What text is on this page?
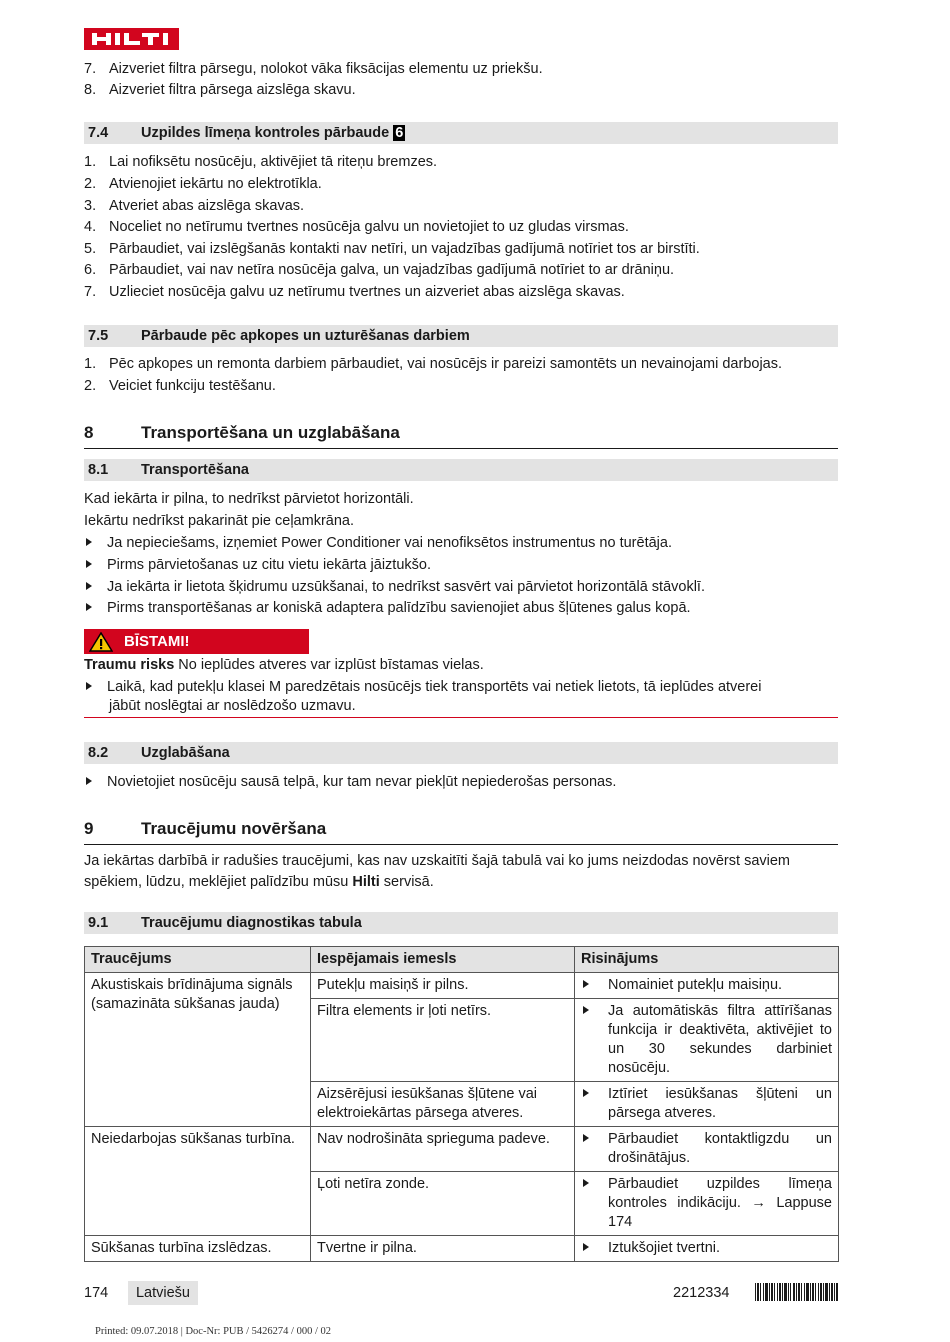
7. Aizveriet filtra pārsegu, nolokot vāka fiksācijas elementu uz priekšu.
8. Aizveriet filtra pārsega aizslēga skavu.
7.4 Uzpildes līmeņa kontroles pārbaude 6
1. Lai nofiksētu nosūcēju, aktivējiet tā riteņu bremzes.
2. Atvienojiet iekārtu no elektrotīkla.
3. Atveriet abas aizslēga skavas.
4. Noceliet no netīrumu tvertnes nosūcēja galvu un novietojiet to uz gludas virsmas.
5. Pārbaudiet, vai izslēgšanās kontakti nav netīri, un vajadzības gadījumā notīriet tos ar birstīti.
6. Pārbaudiet, vai nav netīra nosūcēja galva, un vajadzības gadījumā notīriet to ar drāniņu.
7. Uzlieciet nosūcēja galvu uz netīrumu tvertnes un aizveriet abas aizslēga skavas.
7.5 Pārbaude pēc apkopes un uzturēšanas darbiem
1. Pēc apkopes un remonta darbiem pārbaudiet, vai nosūcējs ir pareizi samontēts un nevainojami darbojas.
2. Veiciet funkciju testēšanu.
8	Transportēšana un uzglabāšana
8.1 Transportēšana
Kad iekārta ir pilna, to nedrīkst pārvietot horizontāli.
Iekārtu nedrīkst pakarināt pie ceļamkrāna.
Ja nepieciešams, izņemiet Power Conditioner vai nenofiksētos instrumentus no turētāja.
Pirms pārvietošanas uz citu vietu iekārta jāiztukšo.
Ja iekārta ir lietota šķidrumu uzsūkšanai, to nedrīkst sasvērt vai pārvietot horizontālā stāvoklī.
Pirms transportēšanas ar koniskā adaptera palīdzību savienojiet abus šļūtenes galus kopā.
BĪSTAMI!
Traumu risks No ieplūdes atveres var izplūst bīstamas vielas.
Laikā, kad putekļu klasei M paredzētais nosūcējs tiek transportēts vai netiek lietots, tā ieplūdes atverei
jābūt noslēgtai ar noslēdzošo uzmavu.
8.2 Uzglabāšana
Novietojiet nosūcēju sausā telpā, kur tam nevar piekļūt nepiederošas personas.
9	Traucējumu novēršana
Ja iekārtas darbībā ir radušies traucējumi, kas nav uzskaitīti šajā tabulā vai ko jums neizdodas novērst saviem
spēkiem, lūdzu, meklējiet palīdzību mūsu Hilti servisā.
9.1 Traucējumu diagnostikas tabula
Traucējums	Iespējamais iemesls	Risinājums
Akustiskais brīdinājuma signāls (samazināta sūkšanas jauda)	Putekļu maisiņš ir pilns.	Nomainiet putekļu maisiņu.

	Filtra elements ir ļoti netīrs.	Ja automātiskās filtra attīrīšanas funkcija ir deaktivēta, aktivējiet to un 30 sekundes darbiniet nosūcēju.

	Aizsērējusi iesūkšanas šļūtene vai elektroiekārtas pārsega atveres.	Iztīriet iesūkšanas šļūteni un pārsega atveres.

Neiedarbojas sūkšanas turbīna.	Nav nodrošināta sprieguma padeve.	Pārbaudiet kontaktligzdu un drošinātājus.

	Ļoti netīra zonde.	Pārbaudiet uzpildes līmeņa kontroles indikāciju. → Lappuse 174

Sūkšanas turbīna izslēdzas.	Tvertne ir pilna.	Iztukšojiet tvertni.
174	Latviešu	2212334
Printed: 09.07.2018 | Doc-Nr: PUB / 5426274 / 000 / 02
